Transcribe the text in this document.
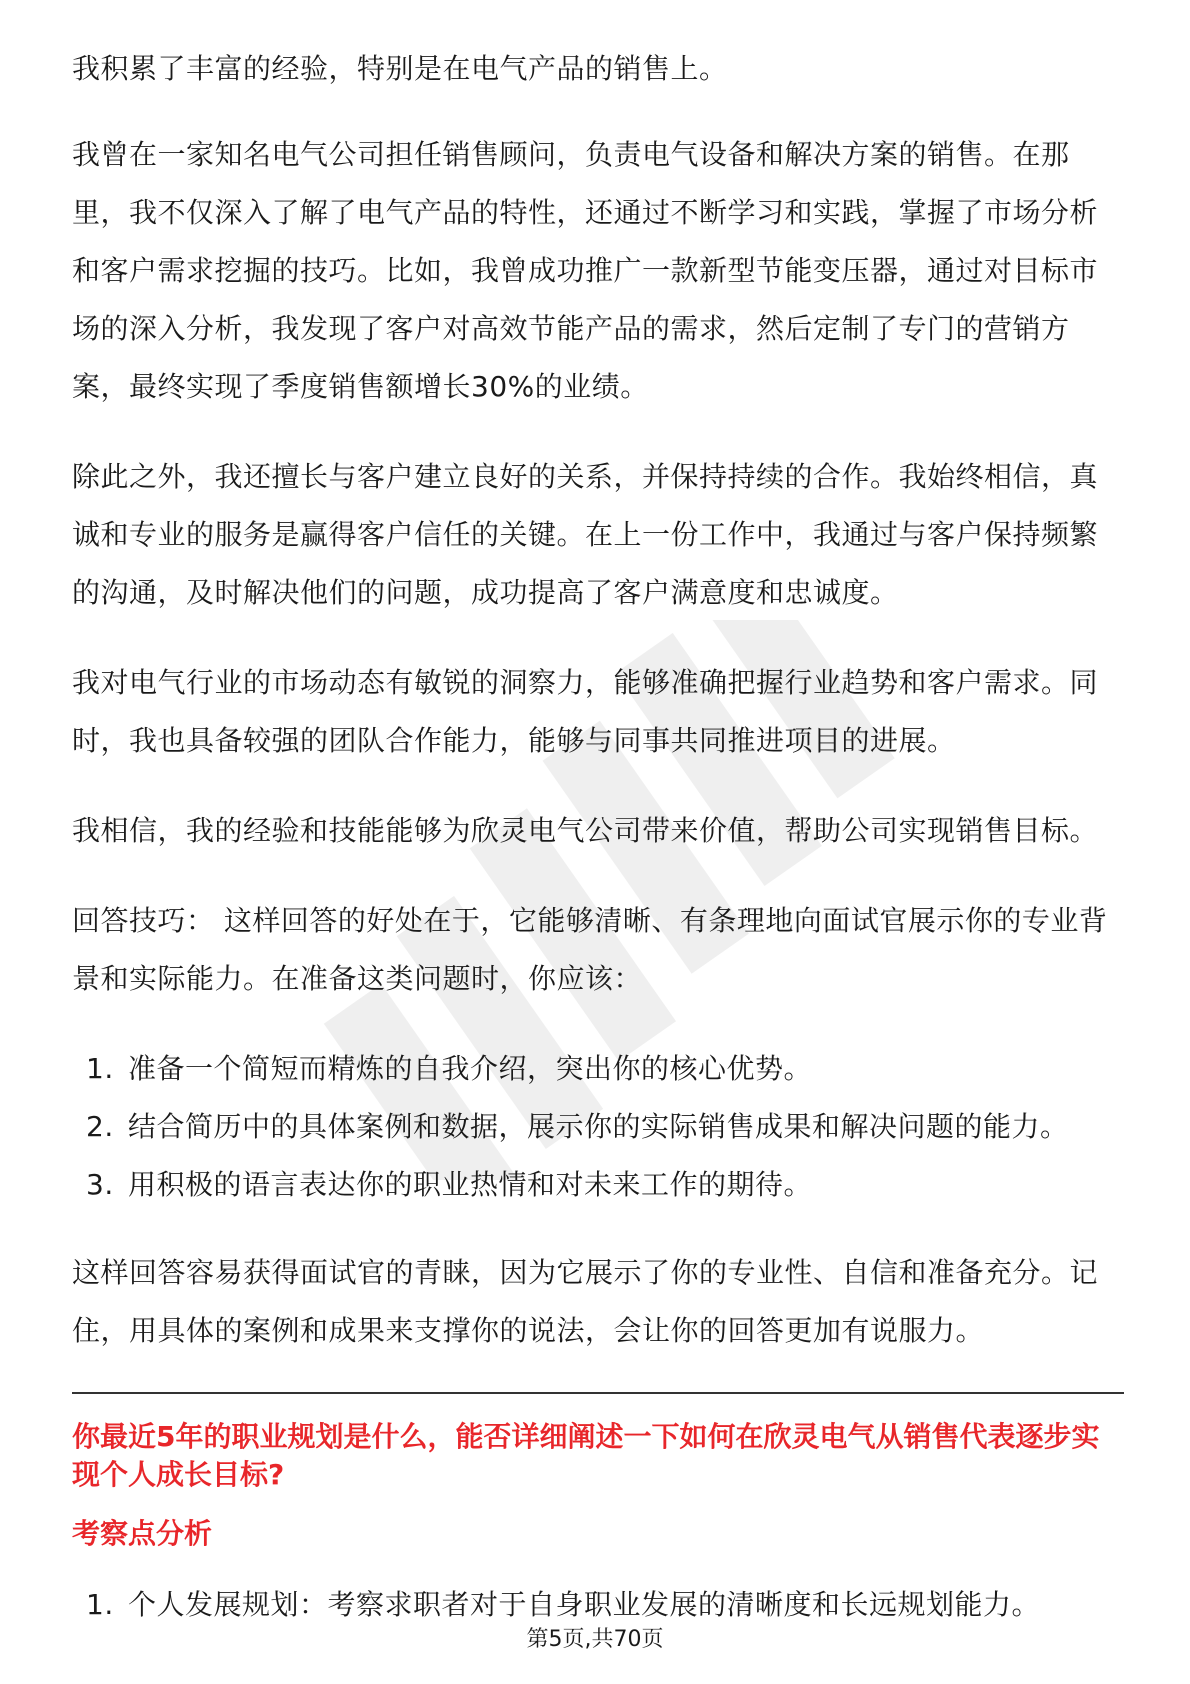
我积累了丰富的经验，特别是在电气产品的销售上。

我曾在一家知名电气公司担任销售顾问，负责电气设备和解决方案的销售。在那里，我不仅深入了解了电气产品的特性，还通过不断学习和实践，掌握了市场分析和客户需求挖掘的技巧。比如，我曾成功推广一款新型节能变压器，通过对目标市场的深入分析，我发现了客户对高效节能产品的需求，然后定制了专门的营销方案，最终实现了季度销售额增长30%的业绩。

除此之外，我还擅长与客户建立良好的关系，并保持持续的合作。我始终相信，真诚和专业的服务是赢得客户信任的关键。在上一份工作中，我通过与客户保持频繁的沟通，及时解决他们的问题，成功提高了客户满意度和忠诚度。

我对电气行业的市场动态有敏锐的洞察力，能够准确把握行业趋势和客户需求。同时，我也具备较强的团队合作能力，能够与同事共同推进项目的进展。

我相信，我的经验和技能能够为欣灵电气公司带来价值，帮助公司实现销售目标。

回答技巧： 这样回答的好处在于，它能够清晰、有条理地向面试官展示你的专业背景和实际能力。在准备这类问题时，你应该：

1. 准备一个简短而精炼的自我介绍，突出你的核心优势。
2. 结合简历中的具体案例和数据，展示你的实际销售成果和解决问题的能力。
3. 用积极的语言表达你的职业热情和对未来工作的期待。

这样回答容易获得面试官的青睐，因为它展示了你的专业性、自信和准备充分。记住，用具体的案例和成果来支撑你的说法，会让你的回答更加有说服力。

你最近5年的职业规划是什么，能否详细阐述一下如何在欣灵电气从销售代表逐步实现个人成长目标?
考察点分析
1. 个人发展规划：考察求职者对于自身职业发展的清晰度和长远规划能力。
第5页,共70页
